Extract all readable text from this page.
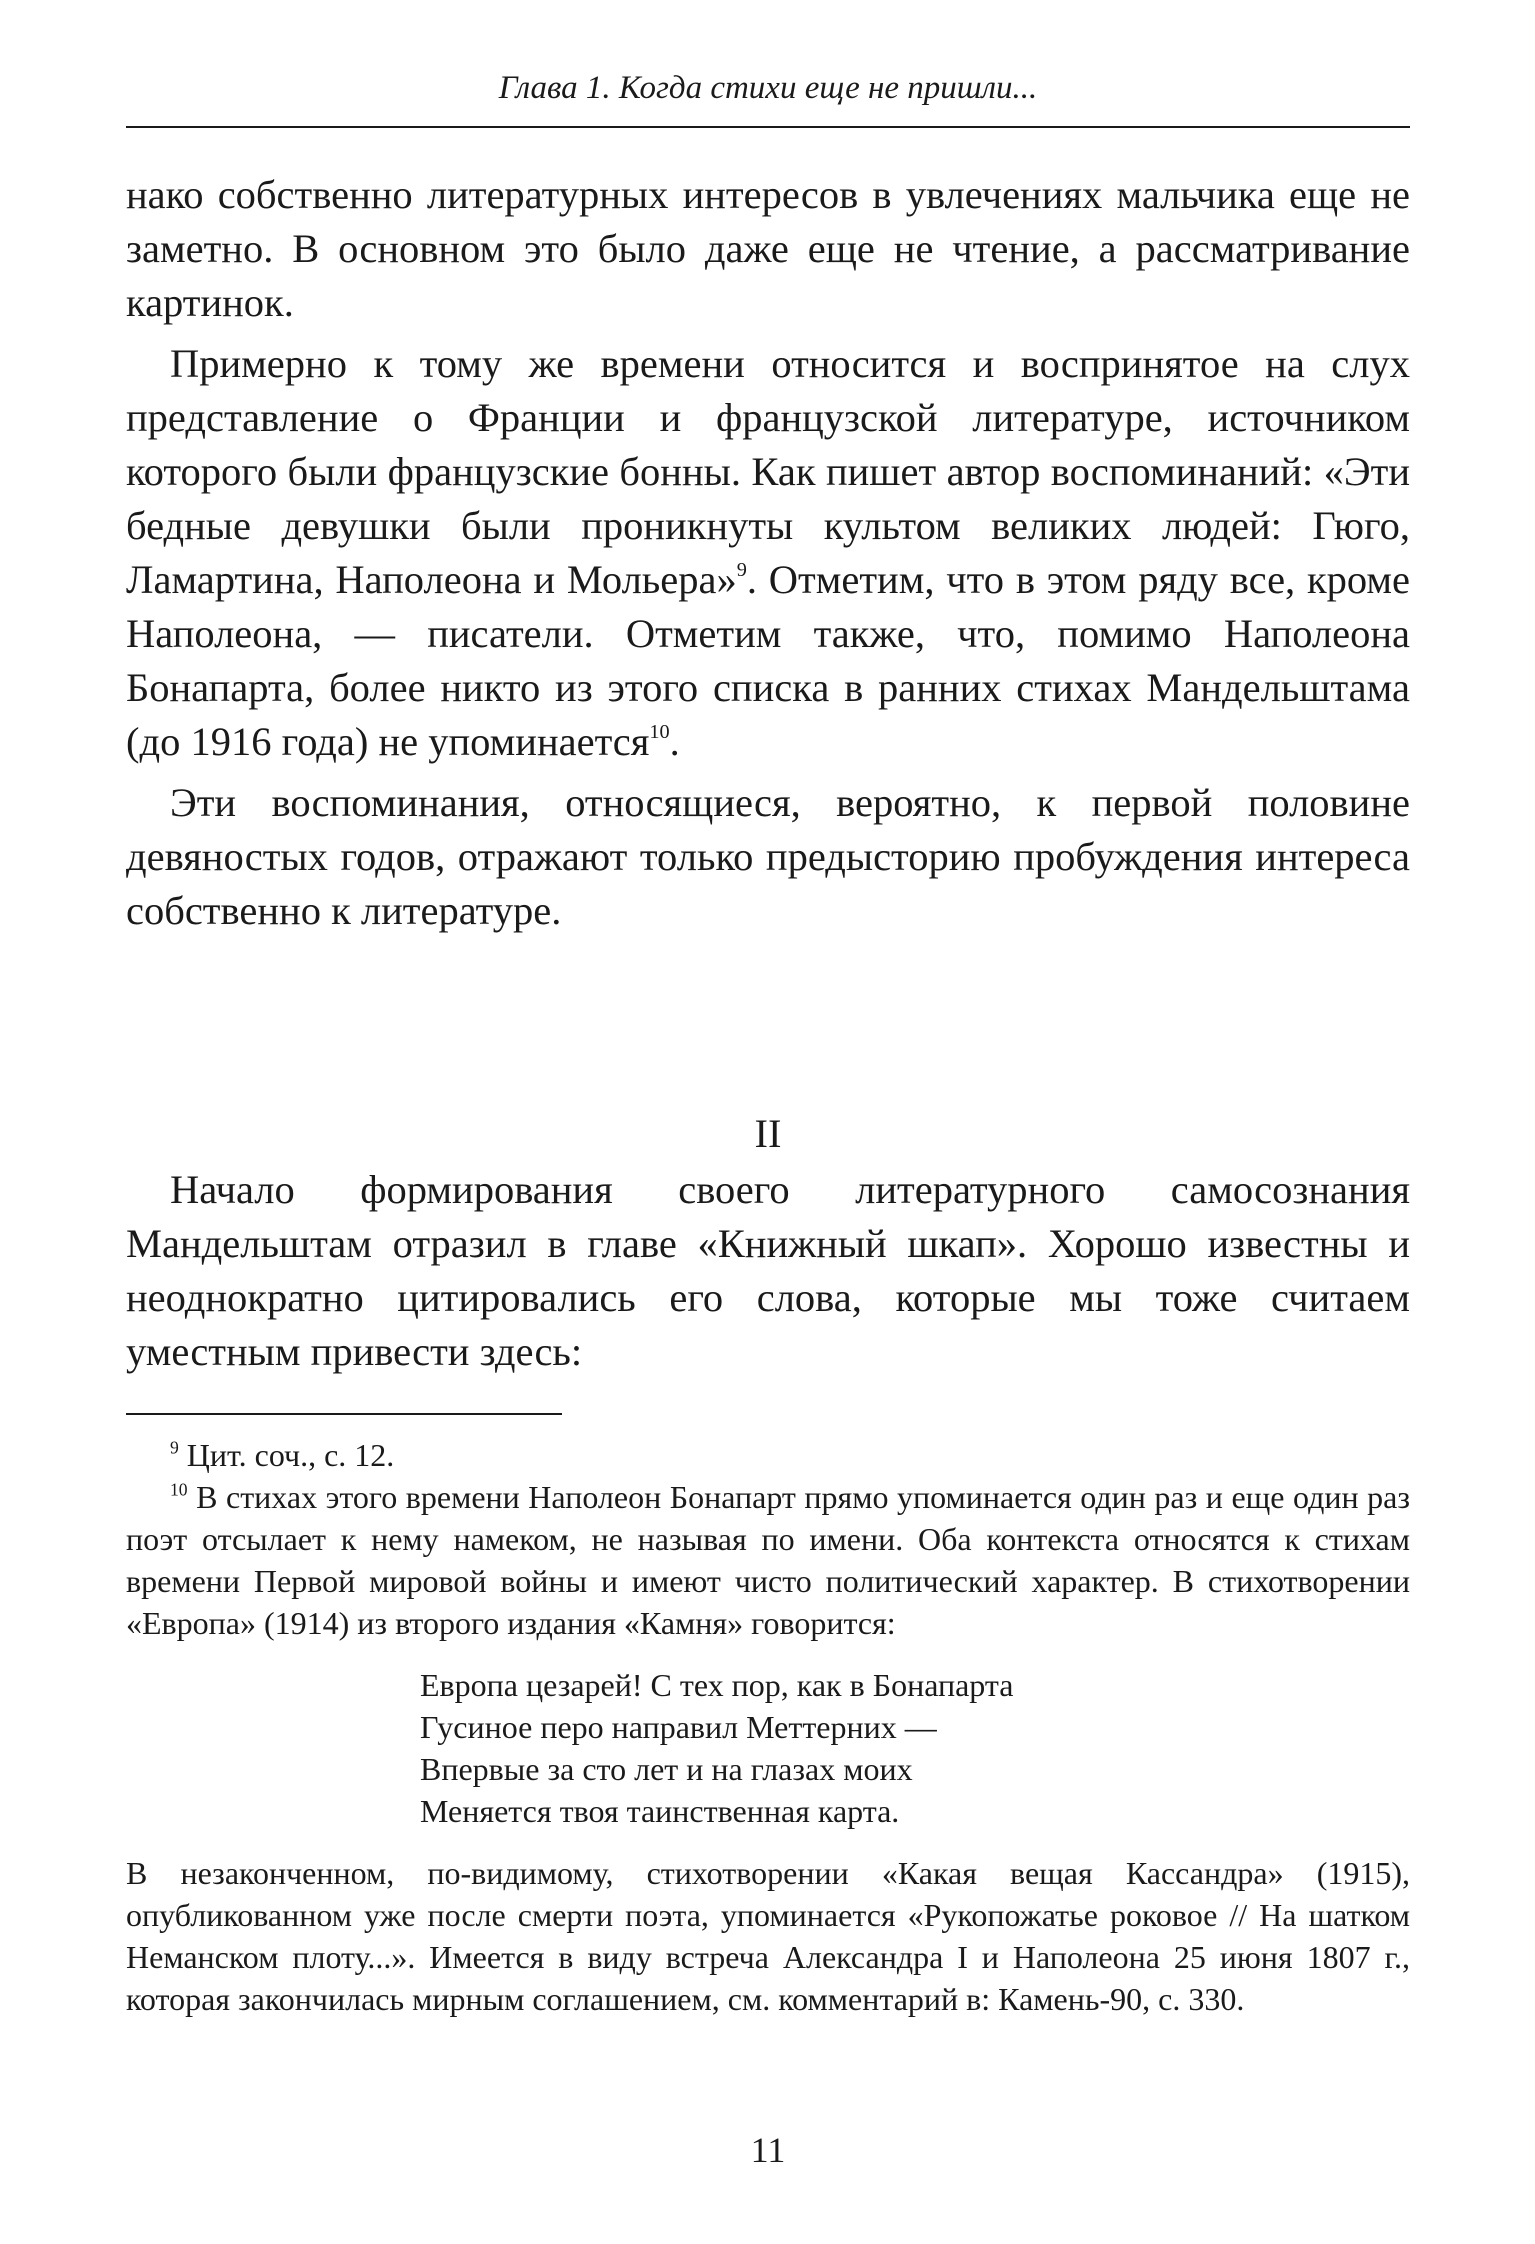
Глава 1. Когда стихи еще не пришли...

нако собственно литературных интересов в увлечениях мальчика еще не заметно. В основном это было даже еще не чтение, а рассматривание картинок.

Примерно к тому же времени относится и воспринятое на слух представление о Франции и французской литературе, источником которого были французские бонны. Как пишет автор воспоминаний: «Эти бедные девушки были проникнуты культом великих людей: Гюго, Ламартина, Наполеона и Мольера»$^9$. Отметим, что в этом ряду все, кроме Наполеона, — писатели. Отметим также, что, помимо Наполеона Бонапарта, более никто из этого списка в ранних стихах Мандельштама (до 1916 года) не упоминается$^{10}$.

Эти воспоминания, относящиеся, вероятно, к первой половине девяностых годов, отражают только предысторию пробуждения интереса собственно к литературе.

II

Начало формирования своего литературного самосознания Мандельштам отразил в главе «Книжный шкап». Хорошо известны и неоднократно цитировались его слова, которые мы тоже считаем уместным привести здесь:

$^9$ Цит. соч., с. 12.

$^{10}$ В стихах этого времени Наполеон Бонапарт прямо упоминается один раз и еще один раз поэт отсылает к нему намеком, не называя по имени. Оба контекста относятся к стихам времени Первой мировой войны и имеют чисто политический характер. В стихотворении «Европа» (1914) из второго издания «Камня» говорится:

Европа цезарей! С тех пор, как в Бонапарта
Гусиное перо направил Меттерних —
Впервые за сто лет и на глазах моих
Меняется твоя таинственная карта.

В незаконченном, по-видимому, стихотворении «Какая вещая Кассандра» (1915), опубликованном уже после смерти поэта, упоминается «Рукопожатье роковое // На шатком Неманском плоту...». Имеется в виду встреча Александра I и Наполеона 25 июня 1807 г., которая закончилась мирным соглашением, см. комментарий в: Камень-90, с. 330.

11
